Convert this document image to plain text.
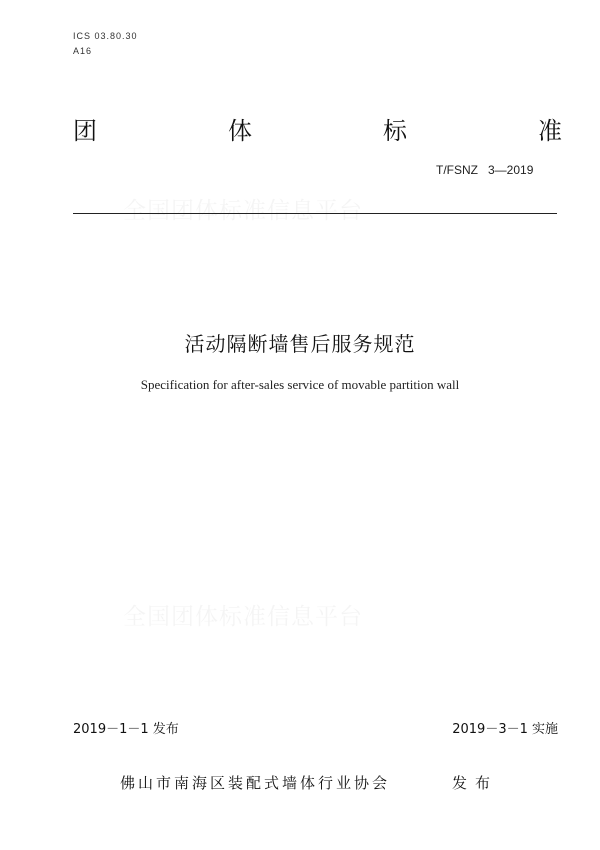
ICS 03.80.30
A16
团	体	标	准
T/FSNZ   3—2019
活动隔断墙售后服务规范
Specification for after-sales service of movable partition wall
2019－1－1 发布	2019－3－1 实施
佛山市南海区装配式墙体行业协会	发布
